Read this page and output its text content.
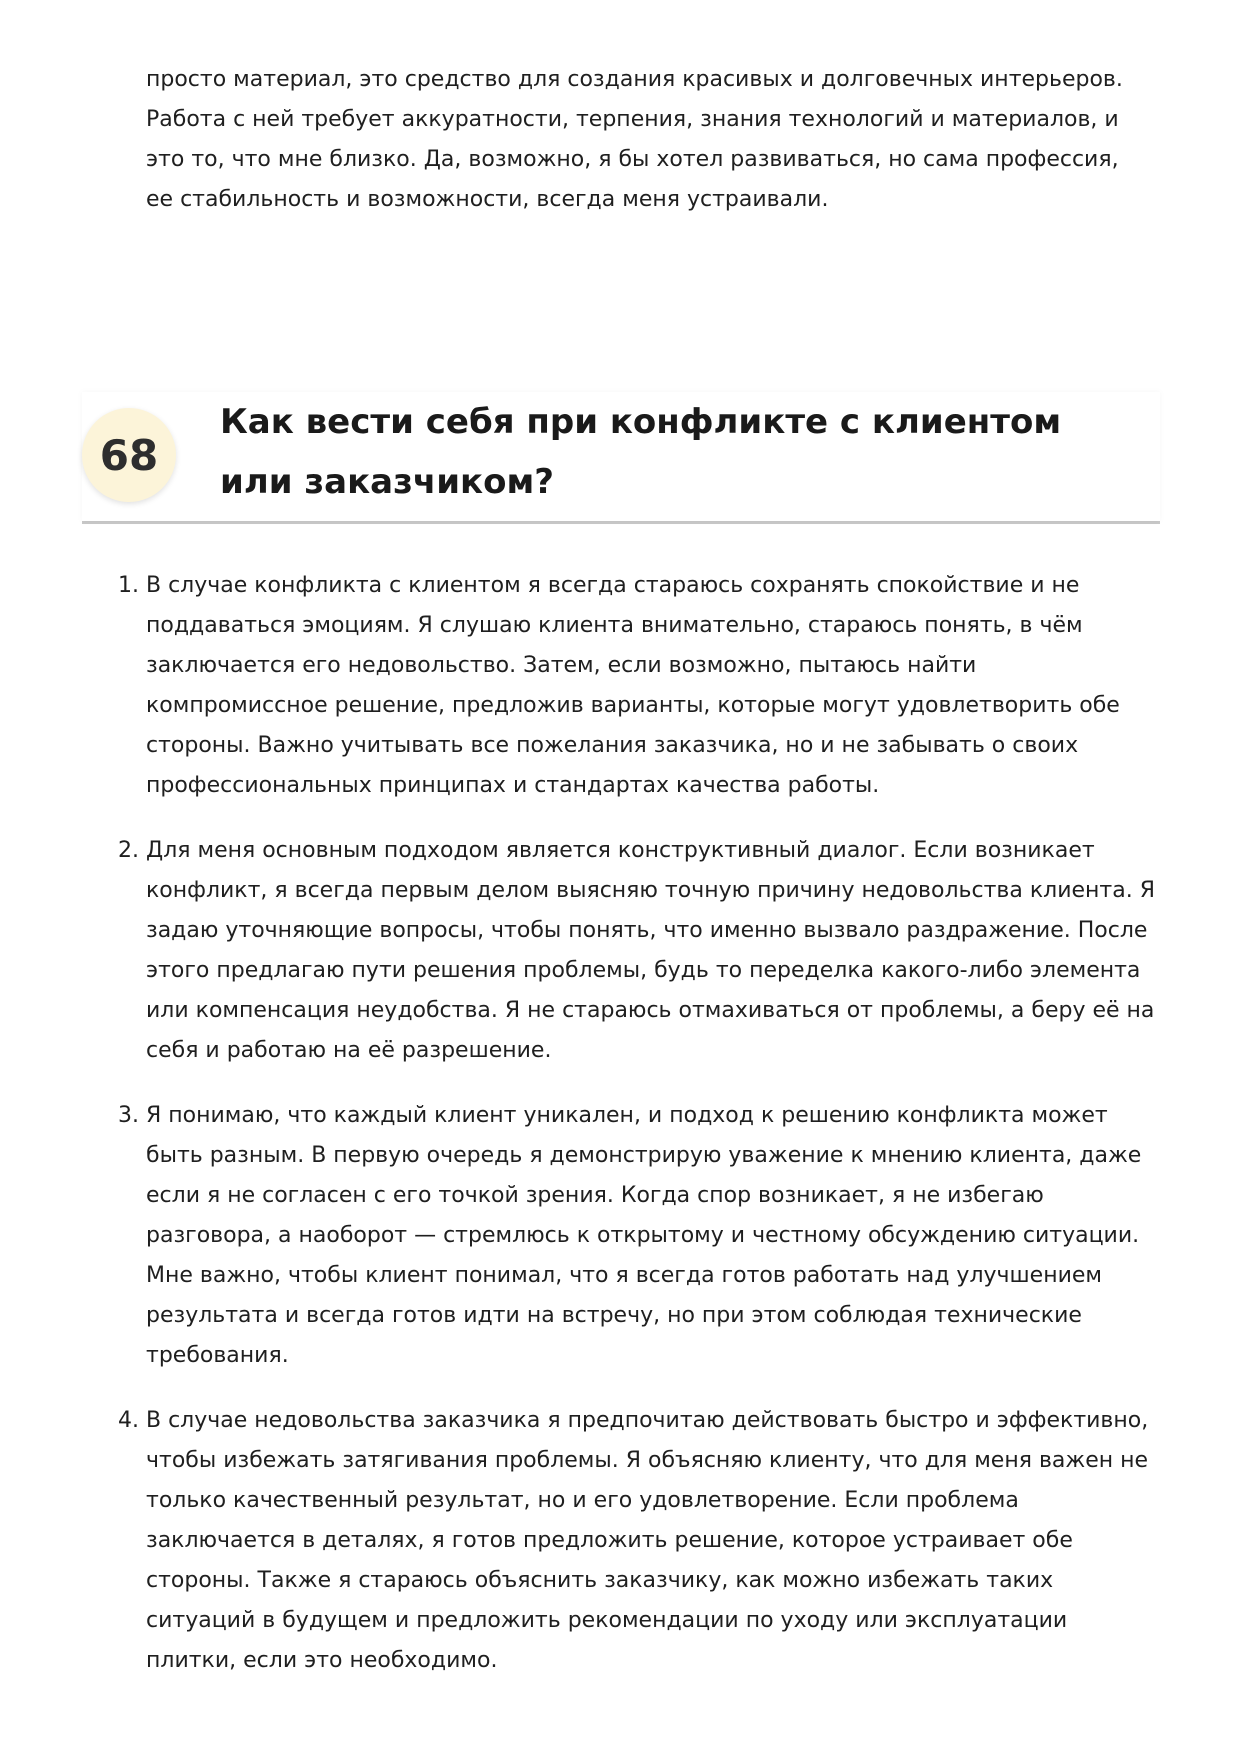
просто материал, это средство для создания красивых и долговечных интерьеров. Работа с ней требует аккуратности, терпения, знания технологий и материалов, и это то, что мне близко. Да, возможно, я бы хотел развиваться, но сама профессия, ее стабильность и возможности, всегда меня устраивали.

68
Как вести себя при конфликте с клиентом или заказчиком?
1. В случае конфликта с клиентом я всегда стараюсь сохранять спокойствие и не поддаваться эмоциям. Я слушаю клиента внимательно, стараюсь понять, в чём заключается его недовольство. Затем, если возможно, пытаюсь найти компромиссное решение, предложив варианты, которые могут удовлетворить обе стороны. Важно учитывать все пожелания заказчика, но и не забывать о своих профессиональных принципах и стандартах качества работы.
2. Для меня основным подходом является конструктивный диалог. Если возникает конфликт, я всегда первым делом выясняю точную причину недовольства клиента. Я задаю уточняющие вопросы, чтобы понять, что именно вызвало раздражение. После этого предлагаю пути решения проблемы, будь то переделка какого-либо элемента или компенсация неудобства. Я не стараюсь отмахиваться от проблемы, а беру её на себя и работаю на её разрешение.
3. Я понимаю, что каждый клиент уникален, и подход к решению конфликта может быть разным. В первую очередь я демонстрирую уважение к мнению клиента, даже если я не согласен с его точкой зрения. Когда спор возникает, я не избегаю разговора, а наоборот — стремлюсь к открытому и честному обсуждению ситуации. Мне важно, чтобы клиент понимал, что я всегда готов работать над улучшением результата и всегда готов идти на встречу, но при этом соблюдая технические требования.
4. В случае недовольства заказчика я предпочитаю действовать быстро и эффективно, чтобы избежать затягивания проблемы. Я объясняю клиенту, что для меня важен не только качественный результат, но и его удовлетворение. Если проблема заключается в деталях, я готов предложить решение, которое устраивает обе стороны. Также я стараюсь объяснить заказчику, как можно избежать таких ситуаций в будущем и предложить рекомендации по уходу или эксплуатации плитки, если это необходимо.
